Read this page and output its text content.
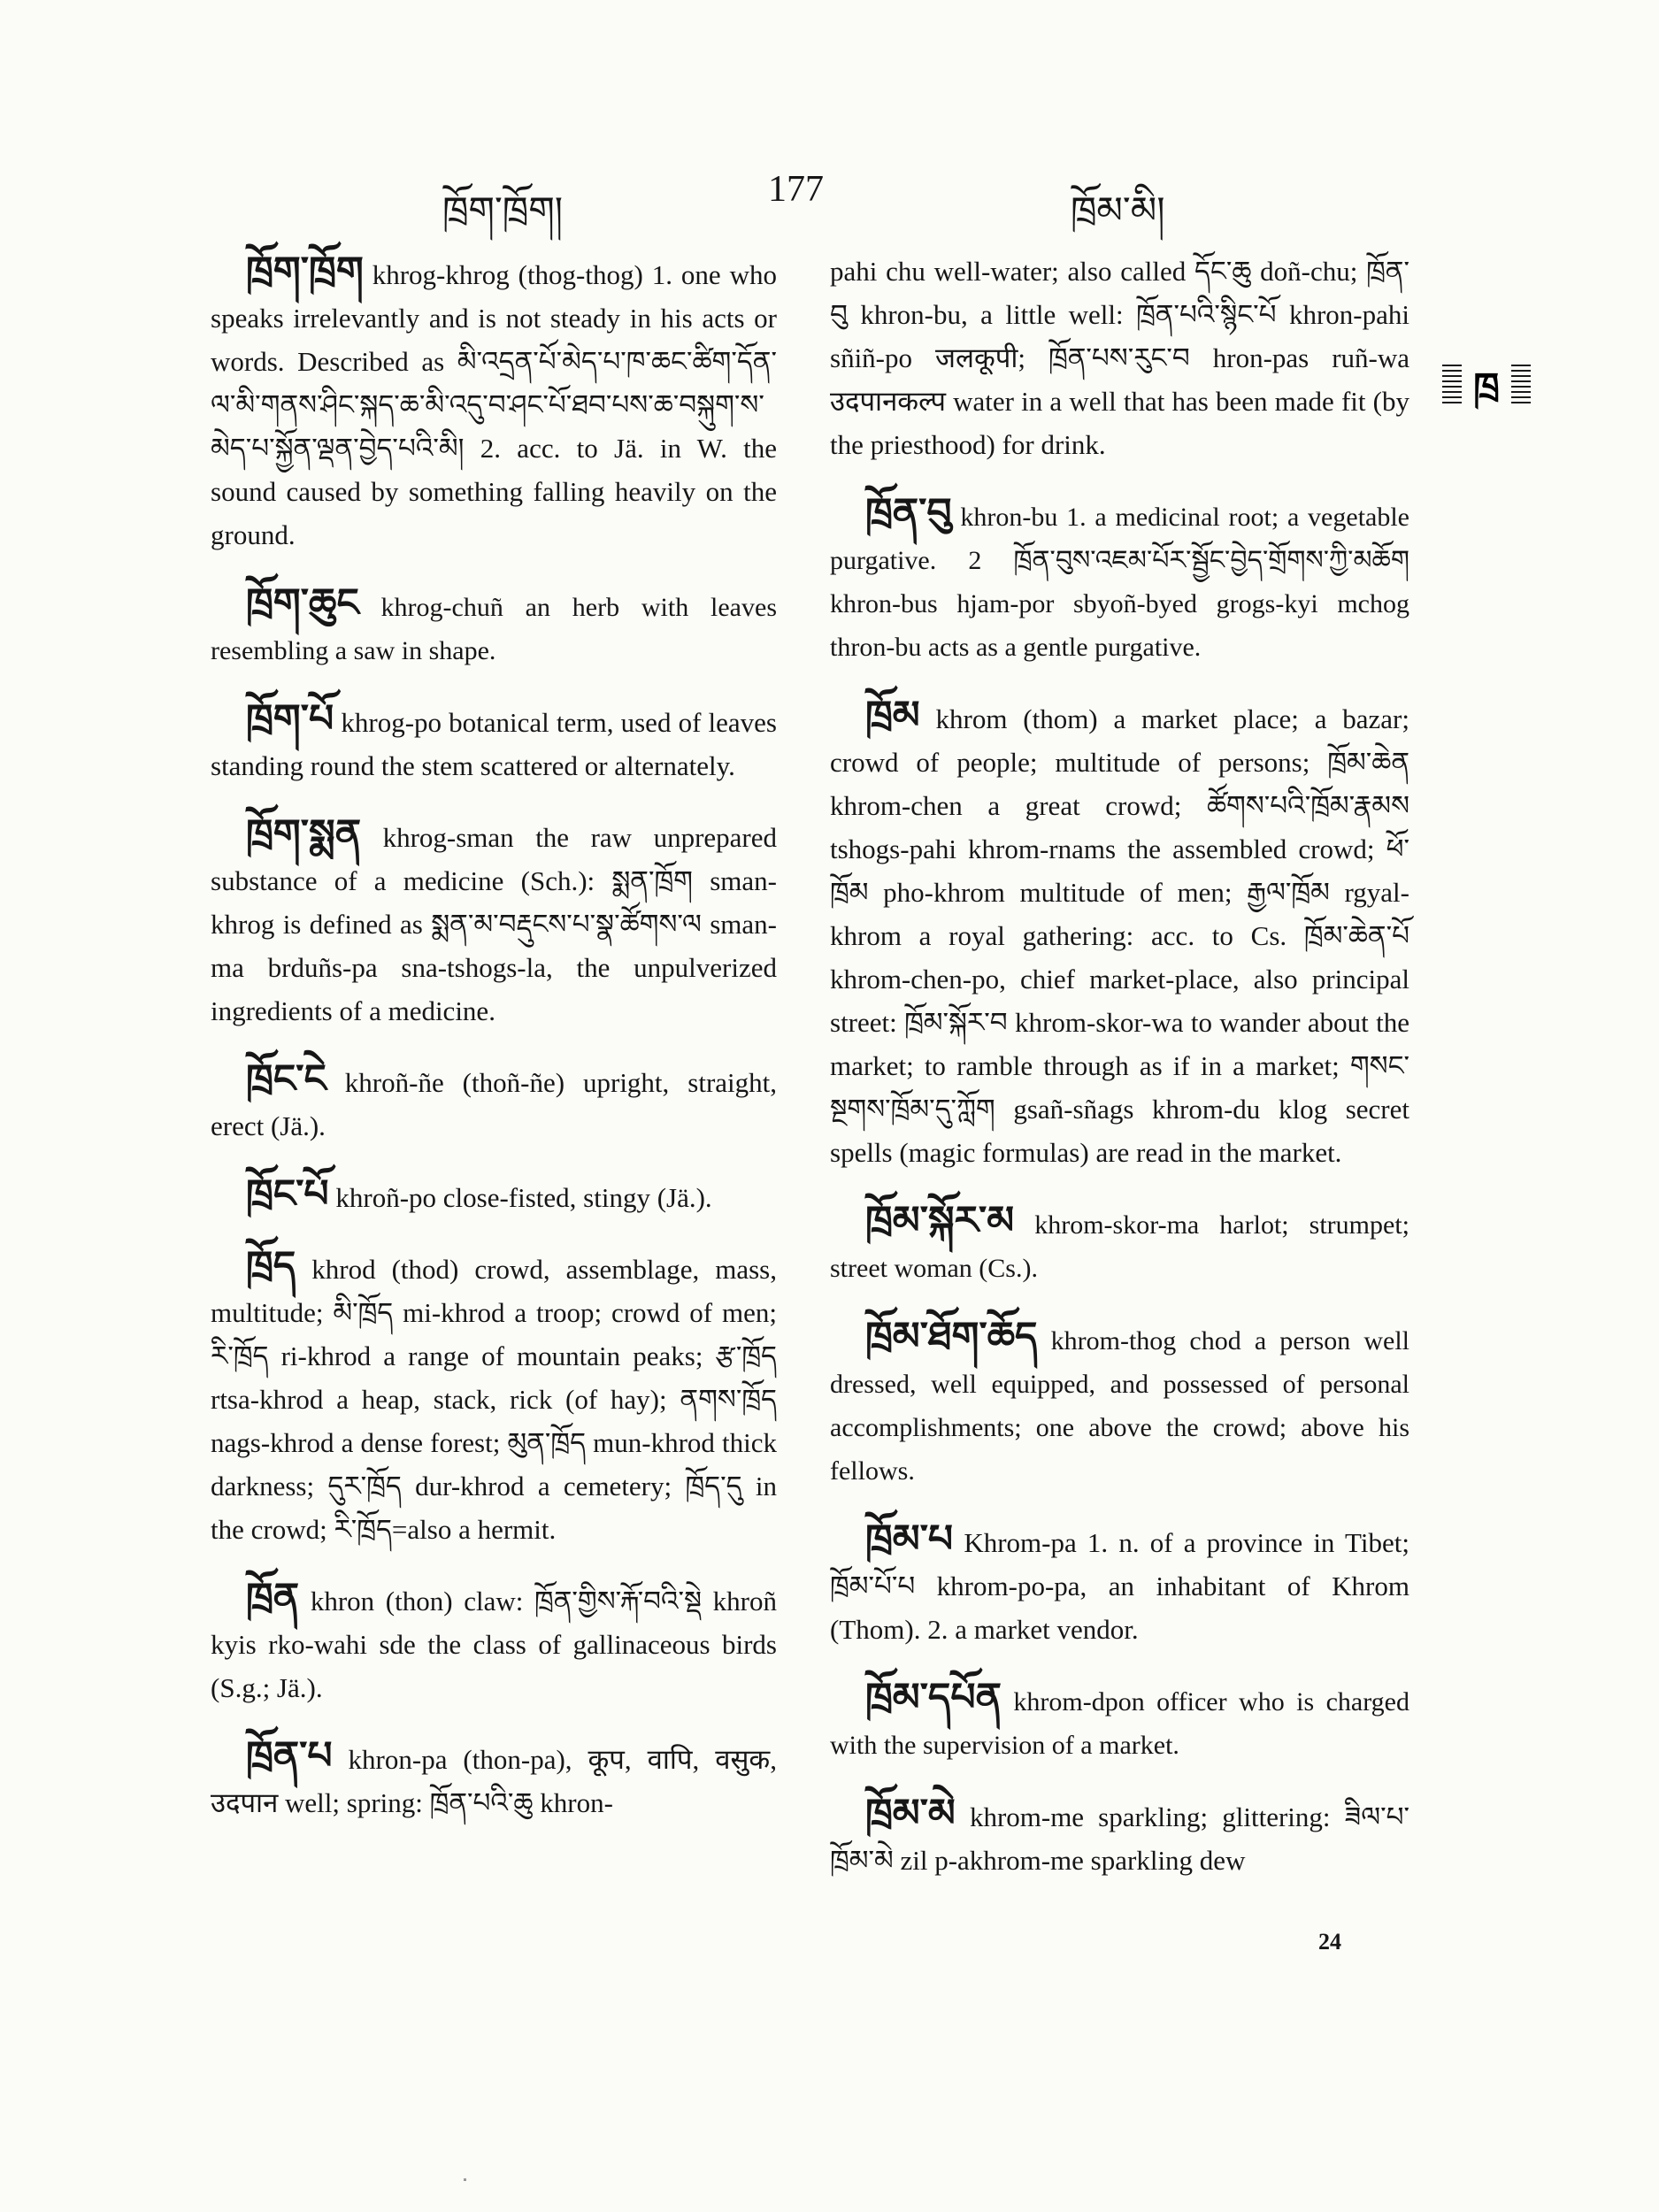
ཁྲོག་ཁྲོག།
177
ཁྲོམ་མི།
ཁྲ
ཁྲོག་ཁྲོག khrog-khrog (thog-thog) 1. one who speaks irrelevantly and is not steady in his acts or words. Described as མི་འདྲན་པོ་མེད་པ་ཁ་ཆང་ཚིག་དོན་ལ་མི་གནས་ཤིང་སྐད་ཆ་མི་འདུ་བ་ཤང་པོ་ཐབ་པས་ཆ་བསྐུག་ས་མེད་པ་སྐྱོན་ལྡན་བྱེད་པའི་མི། 2. acc. to Jä. in W. the sound caused by something falling heavily on the ground.
ཁྲོག་ཆུང khrog-chuñ an herb with leaves resembling a saw in shape.
ཁྲོག་པོ khrog-po botanical term, used of leaves standing round the stem scattered or alternately.
ཁྲོག་སྨན khrog-sman the raw unprepared substance of a medicine (Sch.): སྨན་ཁྲོག sman-khrog is defined as སྨན་མ་བརྡུངས་པ་སྣ་ཚོགས་ལ sman-ma brduñs-pa sna-tshogs-la, the unpulverized ingredients of a medicine.
ཁྲོང་ངེ khroñ-ñe (thoñ-ñe) upright, straight, erect (Jä.).
ཁྲོང་པོ khroñ-po close-fisted, stingy (Jä.).
ཁྲོད khrod (thod) crowd, assemblage, mass, multitude; མི་ཁྲོད mi-khrod a troop; crowd of men; རི་ཁྲོད ri-khrod a range of mountain peaks; རྩ་ཁྲོད rtsa-khrod a heap, stack, rick (of hay); ནགས་ཁྲོད nags-khrod a dense forest; མུན་ཁྲོད mun-khrod thick darkness; དུར་ཁྲོད dur-khrod a cemetery; ཁྲོད་དུ in the crowd; རི་ཁྲོད=also a hermit.
ཁྲོན khron (thon) claw: ཁྲོན་གྱིས་རྐོ་བའི་སྡེ khroñ kyis rko-wahi sde the class of gallinaceous birds (S.g.; Jä.).
ཁྲོན་པ khron-pa (thon-pa), कूप, वापि, वसुक, उदपान well; spring: ཁྲོན་པའི་ཆུ khron-
pahi chu well-water; also called དོང་ཆུ doñ-chu; ཁྲོན་བུ khron-bu, a little well: ཁྲོན་པའི་སྙིང་པོ khron-pahi sñiñ-po जलकूपी; ཁྲོན་པས་རུང་བ hron-pas ruñ-wa उदपानकल्प water in a well that has been made fit (by the priesthood) for drink.
ཁྲོན་བུ khron-bu 1. a medicinal root; a vegetable purgative. 2 ཁྲོན་བུས་འཇམ་པོར་སྦྱོང་བྱེད་གྲོགས་ཀྱི་མཆོག khron-bus hjam-por sbyoñ-byed grogs-kyi mchog thron-bu acts as a gentle purgative.
ཁྲོམ khrom (thom) a market place; a bazar; crowd of people; multitude of persons; ཁྲོམ་ཆེན khrom-chen a great crowd; ཚོགས་པའི་ཁྲོམ་རྣམས tshogs-pahi khrom-rnams the assembled crowd; ཕོ་ཁྲོམ pho-khrom multitude of men; རྒྱལ་ཁྲོམ rgyal-khrom a royal gathering: acc. to Cs. ཁྲོམ་ཆེན་པོ khrom-chen-po, chief market-place, also principal street: ཁྲོམ་སྐོར་བ khrom-skor-wa to wander about the market; to ramble through as if in a market; གསང་སྔགས་ཁྲོམ་དུ་ཀློག gsañ-sñags khrom-du klog secret spells (magic formulas) are read in the market.
ཁྲོམ་སྐོར་མ khrom-skor-ma harlot; strumpet; street woman (Cs.).
ཁྲོམ་ཐོག་ཆོད khrom-thog chod a person well dressed, well equipped, and possessed of personal accomplishments; one above the crowd; above his fellows.
ཁྲོམ་པ Khrom-pa 1. n. of a province in Tibet; ཁྲོམ་པོ་པ khrom-po-pa, an inhabitant of Khrom (Thom). 2. a market vendor.
ཁྲོམ་དཔོན khrom-dpon officer who is charged with the supervision of a market.
ཁྲོམ་མེ khrom-me sparkling; glittering: ཟིལ་པ་ཁྲོམ་མེ zil p-akhrom-me sparkling dew
24
